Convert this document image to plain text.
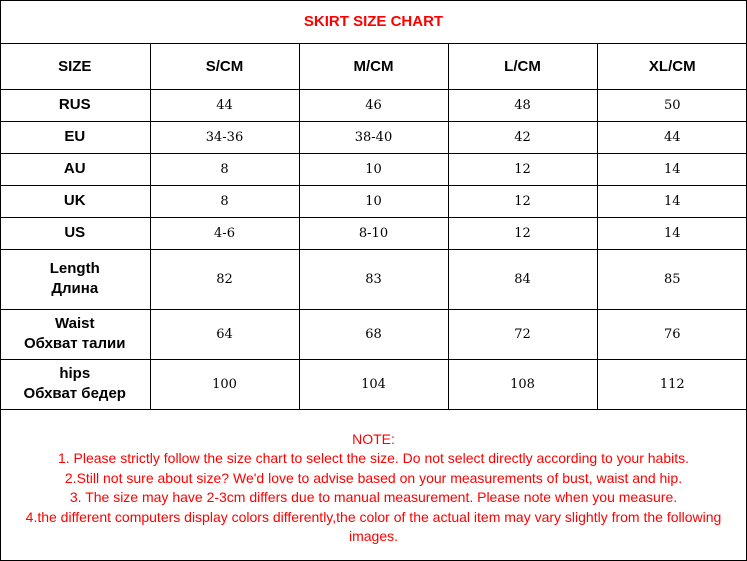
SKIRT SIZE CHART
SIZE	S/CM	M/CM	L/CM	XL/CM
RUS	44	46	48	50
EU	34-36	38-40	42	44
AU	8	10	12	14
UK	8	10	12	14
US	4-6	8-10	12	14

Length
Длина	82	83	84	85

Waist
Обхват талии	64	68	72	76

hips
Обхват бедер	100	104	108	112
NOTE:
1. Please strictly follow the size chart to select the size. Do not select directly according to your habits.
2.Still not sure about size? We'd love to advise based on your measurements of bust, waist and hip.
3. The size may have 2-3cm differs due to manual measurement. Please note when you measure.
4.the different computers display colors differently,the color of the actual item may vary slightly from the following images.
